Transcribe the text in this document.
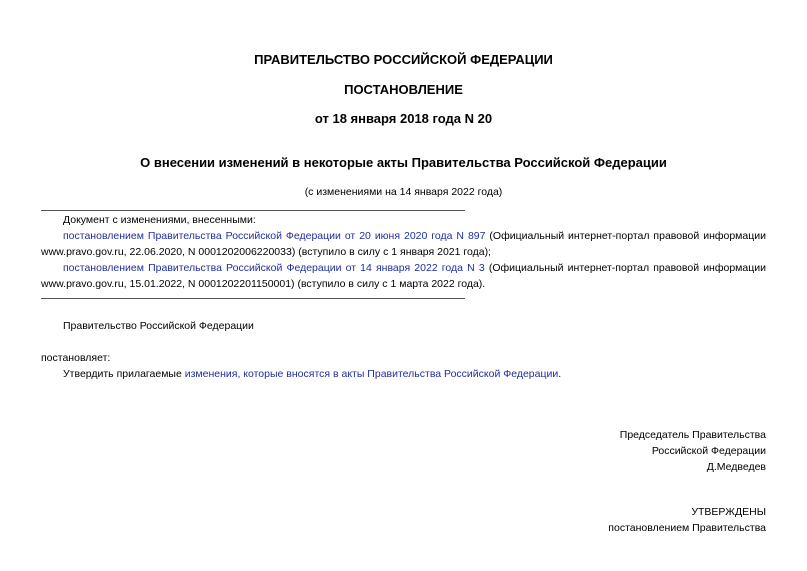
ПРАВИТЕЛЬСТВО РОССИЙСКОЙ ФЕДЕРАЦИИ
ПОСТАНОВЛЕНИЕ
от 18 января 2018 года N 20
О внесении изменений в некоторые акты Правительства Российской Федерации
(с изменениями на 14 января 2022 года)

Документ с изменениями, внесенными:

постановлением Правительства Российской Федерации от 20 июня 2020 года N 897 (Официальный интернет-портал правовой информации www.pravo.gov.ru, 22.06.2020, N 0001202006220033) (вступило в силу с 1 января 2021 года);

постановлением Правительства Российской Федерации от 14 января 2022 года N 3 (Официальный интернет-портал правовой информации www.pravo.gov.ru, 15.01.2022, N 0001202201150001) (вступило в силу с 1 марта 2022 года).

Правительство Российской Федерации

постановляет:

Утвердить прилагаемые изменения, которые вносятся в акты Правительства Российской Федерации.

Председатель Правительства
Российской Федерации
Д.Медведев
УТВЕРЖДЕНЫ
постановлением Правительства
